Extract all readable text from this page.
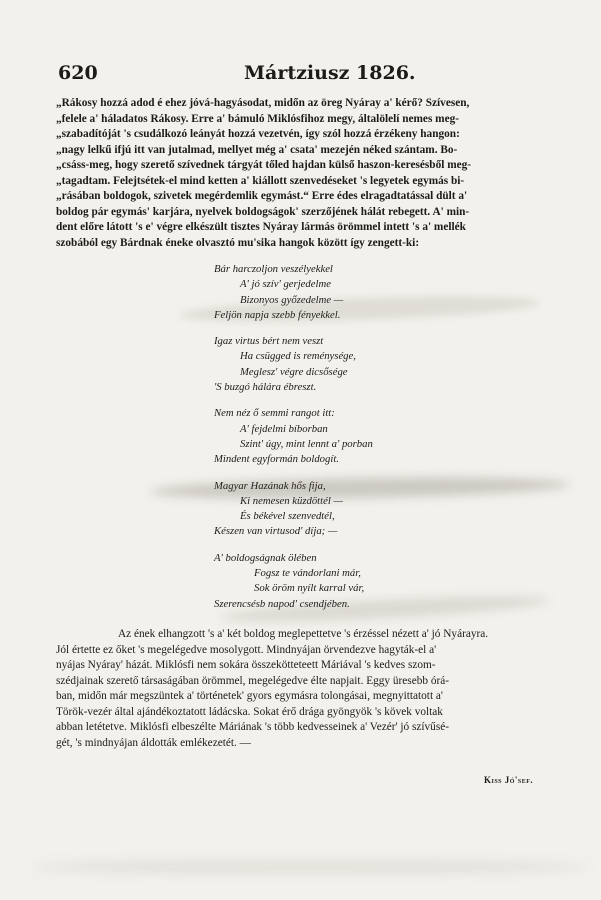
620	Mártziusz 1826.
„Rákosy hozzá adod é ehez jóvá-hagyásodat, midőn az öreg Nyáray a' kérő? Szívesen,
„felele a' háladatos Rákosy. Erre a' bámuló Miklósfihoz megy, általölelí nemes meg-
„szabadítóját 's csudálkozó leányát hozzá vezetvén, így szól hozzá érzékeny hangon:
„nagy lelkű ifjú itt van jutalmad, mellyet még a' csata' mezején néked szántam. Bo-
„csáss-meg, hogy szerető szívednek tárgyát tőled hajdan külső haszon-keresésből meg-
„tagadtam. Felejtsétek-el mind ketten a' kiállott szenvedéseket 's legyetek egymás bi-
„rásában boldogok, szivetek megérdemlik egymást.“ Erre édes elragadtatással dült a'
boldog pár egymás' karjára, nyelvek boldogságok' szerzőjének hálát rebegett. A' min-
dent előre látott 's e' végre elkészült tisztes Nyáray lármás örömmel intett 's a' mellék
szobából egy Bárdnak éneke olvasztó mu'sika hangok között így zengett-ki:
Bár harczoljon veszélyekkel
A' jó szív' gerjedelme
Bizonyos győzedelme —
Feljön napja szebb fényekkel.
Igaz virtus bért nem veszt
Ha csügged is reménysége,
Meglesz' végre dicsősége
'S buzgó hálára ébreszt.
Nem néz ő semmi rangot itt:
A' fejdelmi bíborban
Szint' úgy, mint lennt a' porban
Mindent egyformán boldogít.
Magyar Hazának hős fija,
Ki nemesen küzdöttél —
És békével szenvedtél,
Készen van virtusod' díja; —
A' boldogságnak ölében
Fogsz te vándorlani már,
Sok öröm nyílt karral vár,
Szerencsésb napod' csendjében.
Az ének elhangzott 's a' két boldog meglepettetve 's érzéssel nézett a' jó Nyárayra.
Jól értette ez őket 's megelégedve mosolygott. Mindnyájan örvendezve hagyták-el a'
nyájas Nyáray' házát. Miklósfi nem sokára összekötteteett Máriával 's kedves szom-
szédjainak szerető társaságában örömmel, megelégedve élte napjait. Eggy üresebb órá-
ban, midőn már megszüntek a' történetek' gyors egymásra tolongásai, megnyittatott a'
Török-vezér által ajándékoztatott ládácska. Sokat érő drága gyöngyök 's kövek voltak
abban letétetve. Miklósfi elbeszélte Máriának 's több kedvesseinek a' Vezér' jó szívűsé-
gét, 's mindnyájan áldották emlékezetét. —
Kiss Jó'sef.
